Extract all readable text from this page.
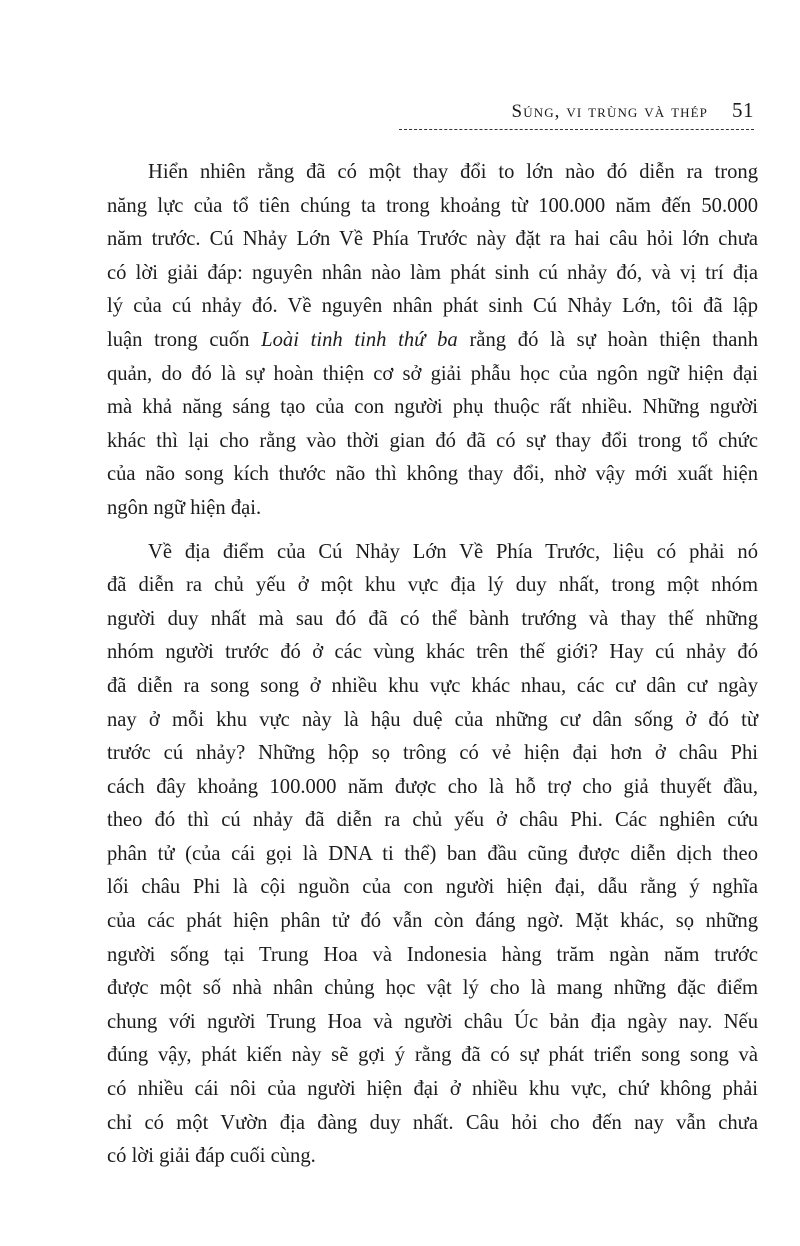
Súng, vi trùng và thép 51

Hiển nhiên rằng đã có một thay đổi to lớn nào đó diễn ra trong
năng lực của tổ tiên chúng ta trong khoảng từ 100.000 năm đến 50.000
năm trước. Cú Nhảy Lớn Về Phía Trước này đặt ra hai câu hỏi lớn chưa
có lời giải đáp: nguyên nhân nào làm phát sinh cú nhảy đó, và vị trí địa
lý của cú nhảy đó. Về nguyên nhân phát sinh Cú Nhảy Lớn, tôi đã lập
luận trong cuốn Loài tinh tinh thứ ba rằng đó là sự hoàn thiện thanh
quản, do đó là sự hoàn thiện cơ sở giải phẫu học của ngôn ngữ hiện đại
mà khả năng sáng tạo của con người phụ thuộc rất nhiều. Những người
khác thì lại cho rằng vào thời gian đó đã có sự thay đổi trong tổ chức
của não song kích thước não thì không thay đổi, nhờ vậy mới xuất hiện
ngôn ngữ hiện đại.

Về địa điểm của Cú Nhảy Lớn Về Phía Trước, liệu có phải nó
đã diễn ra chủ yếu ở một khu vực địa lý duy nhất, trong một nhóm
người duy nhất mà sau đó đã có thể bành trướng và thay thế những
nhóm người trước đó ở các vùng khác trên thế giới? Hay cú nhảy đó
đã diễn ra song song ở nhiều khu vực khác nhau, các cư dân cư ngày
nay ở mỗi khu vực này là hậu duệ của những cư dân sống ở đó từ
trước cú nhảy? Những hộp sọ trông có vẻ hiện đại hơn ở châu Phi
cách đây khoảng 100.000 năm được cho là hỗ trợ cho giả thuyết đầu,
theo đó thì cú nhảy đã diễn ra chủ yếu ở châu Phi. Các nghiên cứu
phân tử (của cái gọi là DNA ti thể) ban đầu cũng được diễn dịch theo
lối châu Phi là cội nguồn của con người hiện đại, dẫu rằng ý nghĩa
của các phát hiện phân tử đó vẫn còn đáng ngờ. Mặt khác, sọ những
người sống tại Trung Hoa và Indonesia hàng trăm ngàn năm trước
được một số nhà nhân chủng học vật lý cho là mang những đặc điểm
chung với người Trung Hoa và người châu Úc bản địa ngày nay. Nếu
đúng vậy, phát kiến này sẽ gợi ý rằng đã có sự phát triển song song và
có nhiều cái nôi của người hiện đại ở nhiều khu vực, chứ không phải
chỉ có một Vườn địa đàng duy nhất. Câu hỏi cho đến nay vẫn chưa
có lời giải đáp cuối cùng.
